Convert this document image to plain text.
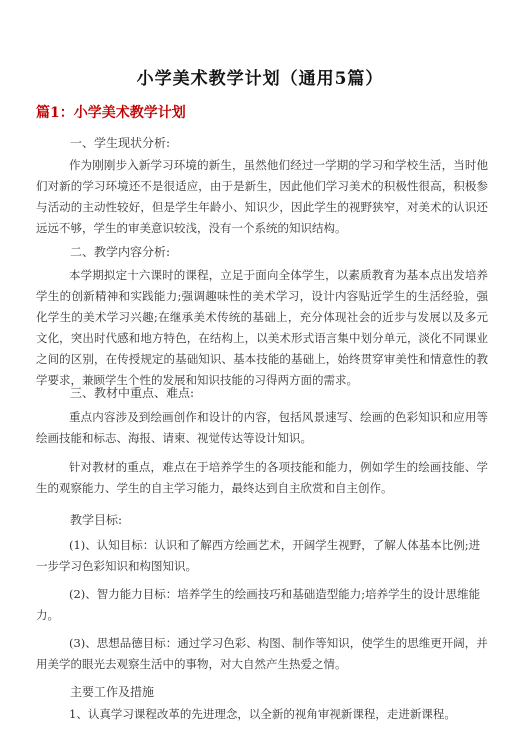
小学美术教学计划（通用5篇）
篇1：小学美术教学计划
一、学生现状分析:
作为刚刚步入新学习环境的新生，虽然他们经过一学期的学习和学校生活，当时他们对新的学习环境还不是很适应，由于是新生，因此他们学习美术的积极性很高，积极参与活动的主动性较好，但是学生年龄小、知识少，因此学生的视野狭窄，对美术的认识还远远不够，学生的审美意识较浅，没有一个系统的知识结构。
二、教学内容分析:
本学期拟定十六课时的课程，立足于面向全体学生，以素质教育为基本点出发培养学生的创新精神和实践能力;强调趣味性的美术学习，设计内容贴近学生的生活经验，强化学生的美术学习兴趣;在继承美术传统的基础上，充分体现社会的近步与发展以及多元文化，突出时代感和地方特色，在结构上，以美术形式语言集中划分单元，淡化不同课业之间的区别，在传授规定的基础知识、基本技能的基础上，始终贯穿审美性和情意性的教学要求，兼顾学生个性的发展和知识技能的习得两方面的需求。
三、教材中重点、难点:
重点内容涉及到绘画创作和设计的内容，包括风景速写、绘画的色彩知识和应用等绘画技能和标志、海报、请柬、视觉传达等设计知识。
针对教材的重点，难点在于培养学生的各项技能和能力，例如学生的绘画技能、学生的观察能力、学生的自主学习能力，最终达到自主欣赏和自主创作。
教学目标:
(1)、认知目标：认识和了解西方绘画艺术，开阔学生视野，了解人体基本比例;进一步学习色彩知识和构图知识。
(2)、智力能力目标：培养学生的绘画技巧和基础造型能力;培养学生的设计思维能力。
(3)、思想品德目标：通过学习色彩、构图、制作等知识，使学生的思维更开阔，并用美学的眼光去观察生活中的事物，对大自然产生热爱之情。
主要工作及措施
1、认真学习课程改革的先进理念，以全新的视角审视新课程，走进新课程。
